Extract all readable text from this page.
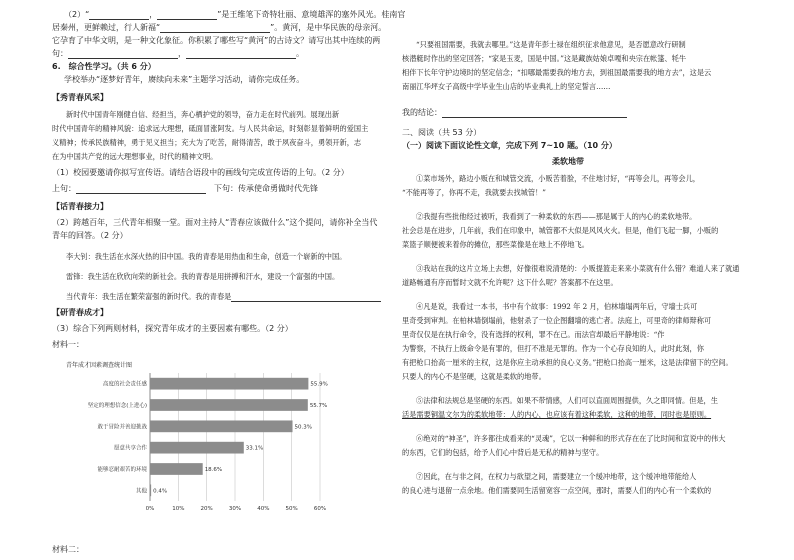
（2）“	，	”是王维笔下奇特壮丽、意境雄浑的塞外风光。桂南官
居秦州，更鲜赖过，行人新福“	”。黄河，是中华民族的母亲河。
它孕育了中华文明，是一种文化象征。你积累了哪些写“黄河”的古诗文？请写出其中连续的两
句：	，	。
6.　综合性学习。（共 6 分）
学校举办“逐梦好青年，赓续向未来”主题学习活动，请你完成任务。
【秀青春风采】
新时代中国青年刚健自信、经担当，奔心栖护党的领导，奋力走在时代前列。展现出新
时代中国青年的精神风貌：追求远大理想，砥面冒涨阿发。与人民共命运，时刻彰显着鲜明的爱国主
义精神；传承民族精神，勇于见义担当；充大为了吃苦，耐得清苦，敢于夙夜奋斗，勇领开新，志
在为中国共产党的远大理想事业，时代的精神文明。
（1）校园要邀请你拟写宣传语。请结合语段中的画线句完成宣传语的上句。（2 分）
上句：	下句：传承使命勇做时代先锋
【话青春接力】
（2）跨越百年，三代青年相聚一堂。面对主持人“青春应该做什么”这个提问，请你补全当代
青年的回答。（2 分）
李大钊：我生活在水深火热的旧中国。我的青春是用热血和生命，创造一个崭新的中国。
雷锋：我生活在欣欣向荣的新社会。我的青春是用拼搏和汗水，建设一个富强的中国。
当代青年：我生活在繁荣富强的新时代。我的青春是
【研青春成才】
（3）综合下列两则材料，探究青年成才的主要因素有哪些。（2 分）
材料一：
青年成才因素调查统计图
高度的社会责任感
坚定的理想信念(上进心)
敢于冒险并善迎挑战
愿意共享合作
能够忍耐艰苦的环境
其他
0%	10%	20%	30%	40%	50%	60%
55.9%
55.7%
50.3%
33.1%
18.6%
0.4%
材料二：
“只要祖国需要，我就去哪里。”这是青年彭士禄在组织征求他意见，是否愿意改行研制
核潜艇时作出的坚定回答；“家是玉麦，国是中国。”这是藏族姑娘卓嘎和央宗在帐篷、牦牛
相伴下长年守护边境时的坚定信念；“扣哪最需要我的地方去，到祖国最需要我的地方去”，这是云
南丽江华坪女子高级中学毕业生山店的毕业典礼上的坚定誓言……
我的结论：
二、阅读（共 53 分）
（一）阅读下面议论性文章，完成下列 7~10 题。（10 分）
柔软地带
①菜市场外，路边小贩在和城管交流，小贩苦着脸，不住地讨好，“再等会儿，再等会儿，
“不能再等了，你再不走，我就要去找城管！”
②我提有些批他经过被听，我看到了一种柔软的东西——那是属于人的内心的柔软地带。
社会总是在进步，几年前，我们在印象中，城管都不大似是风风火火。但是，他们飞起一脚，小贩的
菜篮子顺便被来着你的摊位，那些菜像是在地上不停地飞。
③我站在我的这片立场上去想，好像很难说清楚的：小贩提篮走来来小菜就有什么错？难道人来了就通
道路畅通有序而暂时文就不允许呢？这下什么呢？答案都不在这里。
④凡是说，我看过一本书，书中有个故事：1992 年 2 月，伯林墙塌两年后，守墙士兵可
里奇受到审判。在柏林墙倒塌前，他射杀了一位企图翻墙的逃亡者。法庭上，可里奇的律师辩称可
里奇仅仅是在执行命令，没有选择的权利，罪不在己。而法官却最后平静地说：“作
为警察，不执行上级命令是有罪的，但打不准是无罪的。作为一个心存良知的人，此时此刻，你
有把枪口抬高一厘米的主权，这是你应主动承担的良心义务。”把枪口抬高一厘米，这是法律留下的空间。
只要人的内心不是坚硬，这就是柔软的地带。
⑤法律和法规总是坚硬的东西。如果不带情感，人们可以直面周围提供，久之即同情。但是，生
活是需要铜温文尔为的柔软地带：人的内心，也应该有着这种柔软，这种的地带，同时也是原则。
⑥绝对的“神圣”，许多都往成看来的“灵魂”，它以一种鲜和的形式存在在了比时间和宣说中的伟大
的东西，它们的包括，给予人们心中背后是无私的精神与坚守。
⑦因此，在与非之间，在权力与欲望之间，需要建立一个缓冲地带，这个缓冲地带能给人
的良心进与退留一点余地。他们需要同生活留宽容一点空间，那时，需要人们的内心有一个柔软的
